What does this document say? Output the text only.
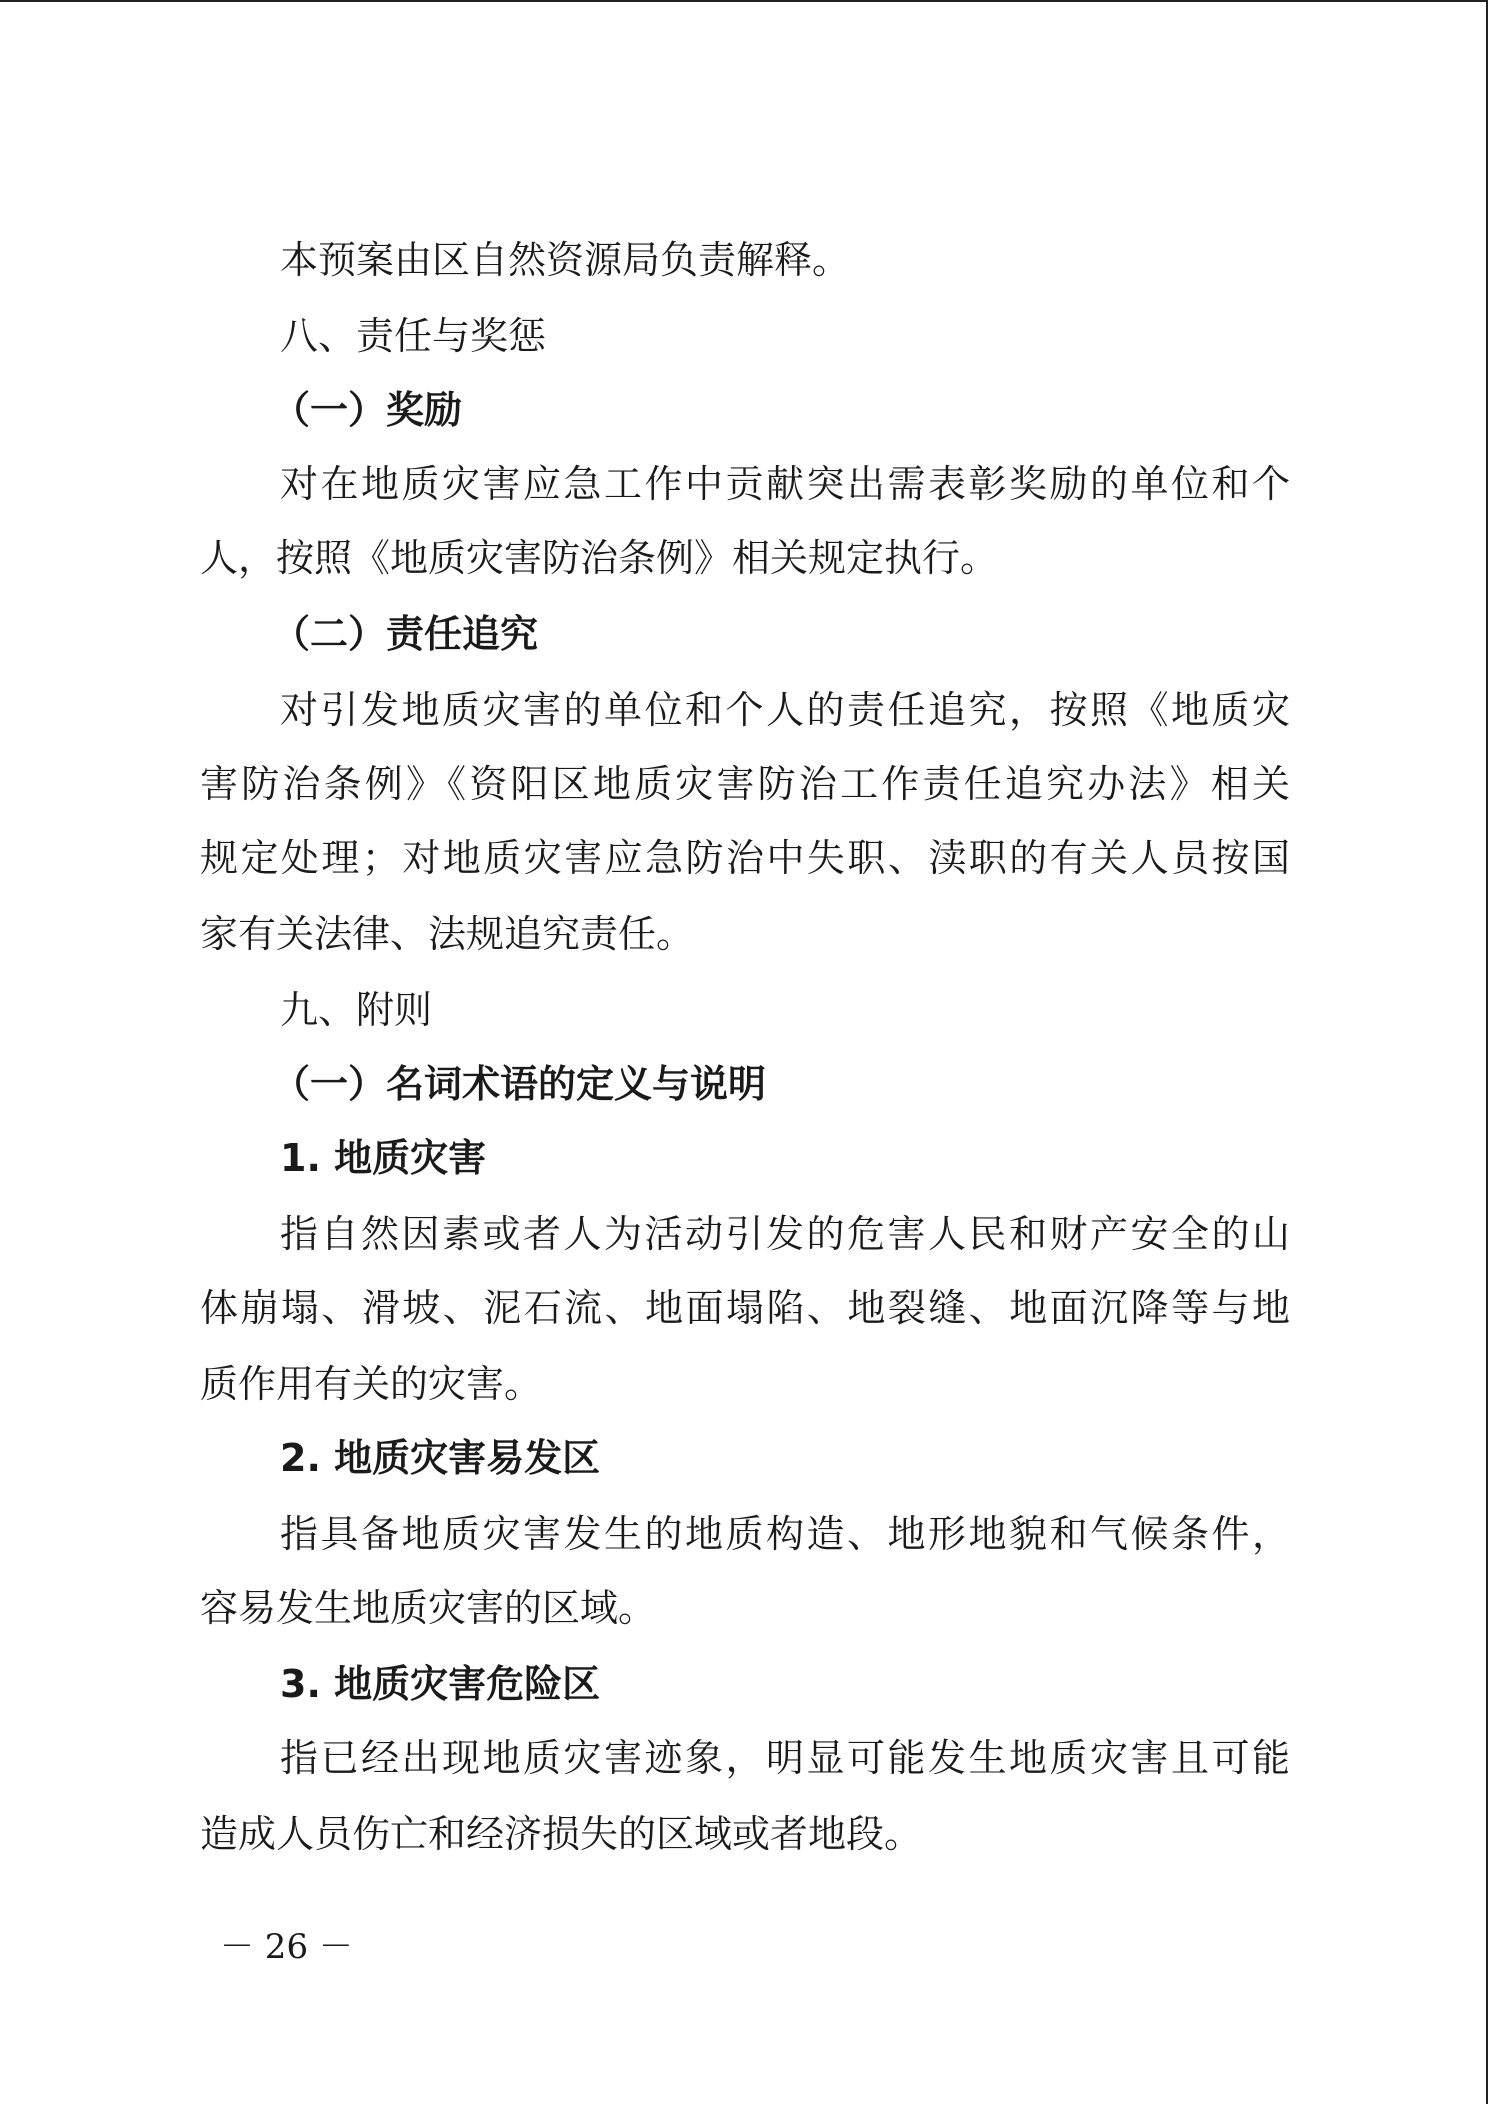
本预案由区自然资源局负责解释。
八、责任与奖惩
（一）奖励
对在地质灾害应急工作中贡献突出需表彰奖励的单位和个
人，按照《地质灾害防治条例》相关规定执行。
（二）责任追究
对引发地质灾害的单位和个人的责任追究，按照《地质灾
害防治条例》《资阳区地质灾害防治工作责任追究办法》相关
规定处理；对地质灾害应急防治中失职、渎职的有关人员按国
家有关法律、法规追究责任。
九、附则
（一）名词术语的定义与说明
1. 地质灾害
指自然因素或者人为活动引发的危害人民和财产安全的山
体崩塌、滑坡、泥石流、地面塌陷、地裂缝、地面沉降等与地
质作用有关的灾害。
2. 地质灾害易发区
指具备地质灾害发生的地质构造、地形地貌和气候条件，
容易发生地质灾害的区域。
3. 地质灾害危险区
指已经出现地质灾害迹象，明显可能发生地质灾害且可能
造成人员伤亡和经济损失的区域或者地段。
－ 26 －
